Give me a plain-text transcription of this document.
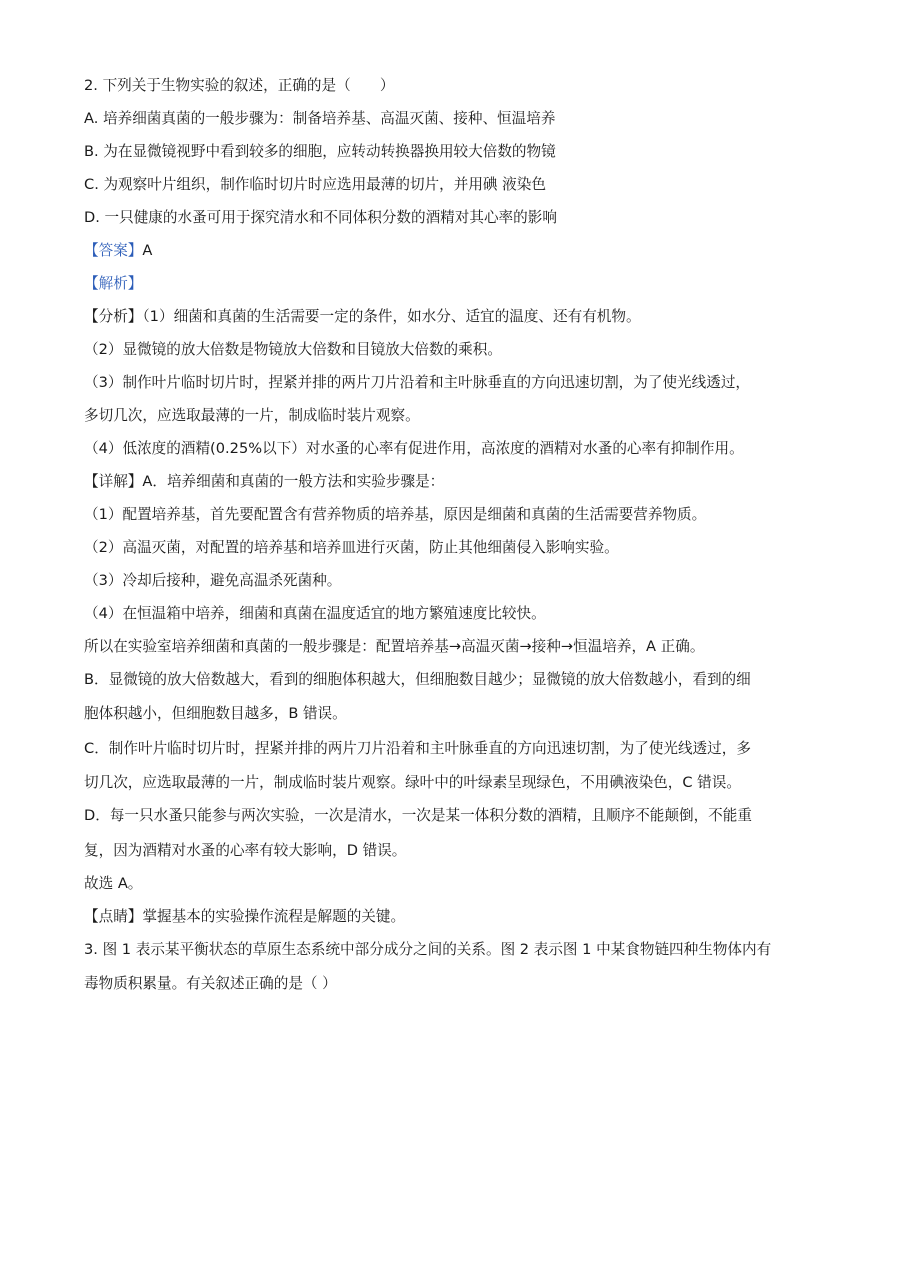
2. 下列关于生物实验的叙述，正确的是（　　）
A. 培养细菌真菌的一般步骤为：制备培养基、高温灭菌、接种、恒温培养
B. 为在显微镜视野中看到较多的细胞，应转动转换器换用较大倍数的物镜
C. 为观察叶片组织，制作临时切片时应选用最薄的切片，并用碘 液染色
D. 一只健康的水蚤可用于探究清水和不同体积分数的酒精对其心率的影响
【答案】A
【解析】
【分析】（1）细菌和真菌的生活需要一定的条件，如水分、适宜的温度、还有有机物。
（2）显微镜的放大倍数是物镜放大倍数和目镜放大倍数的乘积。
（3）制作叶片临时切片时，捏紧并排的两片刀片沿着和主叶脉垂直的方向迅速切割，为了使光线透过，
多切几次，应选取最薄的一片，制成临时装片观察。
（4）低浓度的酒精(0.25%以下）对水蚤的心率有促进作用，高浓度的酒精对水蚤的心率有抑制作用。
【详解】A．培养细菌和真菌的一般方法和实验步骤是：
（1）配置培养基，首先要配置含有营养物质的培养基，原因是细菌和真菌的生活需要营养物质。
（2）高温灭菌，对配置的培养基和培养皿进行灭菌，防止其他细菌侵入影响实验。
（3）冷却后接种，避免高温杀死菌种。
（4）在恒温箱中培养，细菌和真菌在温度适宜的地方繁殖速度比较快。
所以在实验室培养细菌和真菌的一般步骤是：配置培养基→高温灭菌→接种→恒温培养，A 正确。
B．显微镜的放大倍数越大，看到的细胞体积越大，但细胞数目越少；显微镜的放大倍数越小，看到的细
胞体积越小，但细胞数目越多，B 错误。
C．制作叶片临时切片时，捏紧并排的两片刀片沿着和主叶脉垂直的方向迅速切割，为了使光线透过，多
切几次，应选取最薄的一片，制成临时装片观察。绿叶中的叶绿素呈现绿色，不用碘液染色，C 错误。
D．每一只水蚤只能参与两次实验，一次是清水，一次是某一体积分数的酒精，且顺序不能颠倒，不能重
复，因为酒精对水蚤的心率有较大影响，D 错误。
故选 A。
【点睛】掌握基本的实验操作流程是解题的关键。
3. 图 1 表示某平衡状态的草原生态系统中部分成分之间的关系。图 2 表示图 1 中某食物链四种生物体内有
毒物质积累量。有关叙述正确的是（ ）
